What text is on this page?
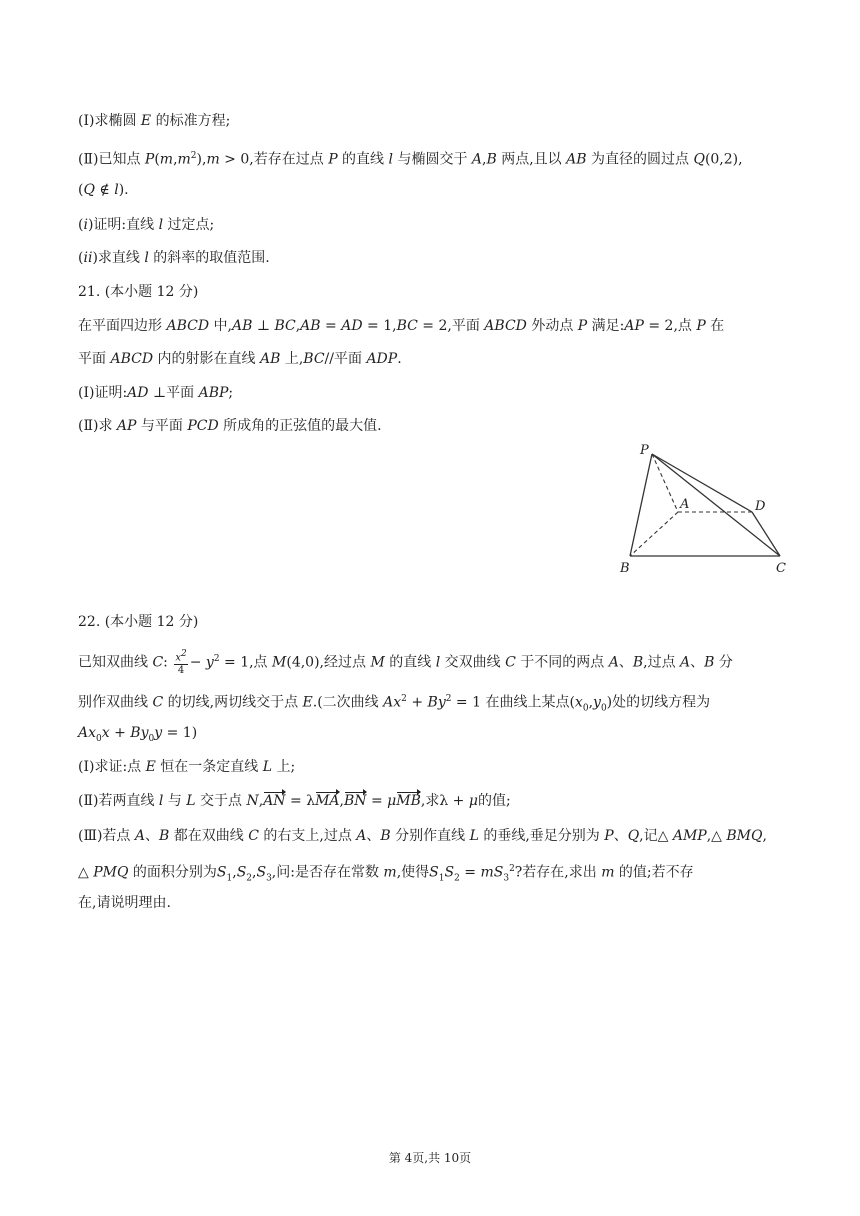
(Ⅰ)求椭圆 E 的标准方程;
(Ⅱ)已知点 $P(m,m^2),m > 0$,若存在过点 P 的直线 l 与椭圆交于 A,B 两点,且以 AB 为直径的圆过点 Q(0,2),
(Q ∉ l).
(i)证明:直线 l 过定点;
(ii)求直线 l 的斜率的取值范围.
21. (本小题 12 分)
在平面四边形 ABCD 中,AB ⊥ BC,AB = AD = 1,BC = 2,平面 ABCD 外动点 P 满足:AP = 2,点 P 在
平面 ABCD 内的射影在直线 AB 上,BC//平面 ADP.
(Ⅰ)证明:AD ⊥平面 ABP;
(Ⅱ)求 AP 与平面 PCD 所成角的正弦值的最大值.
P
A	D
B	C
22. (本小题 12 分)
已知双曲线 C: $\frac{x^2}{4} - y^2 = 1$,点 M(4,0),经过点 M 的直线 l 交双曲线 C 于不同的两点 A、B,过点 A、B 分
别作双曲线 C 的切线,两切线交于点 E.(二次曲线 $Ax^2 + By^2 = 1$ 在曲线上某点$(x_0,y_0)$处的切线方程为
$Ax_0x + By_0y = 1$)
(Ⅰ)求证:点 E 恒在一条定直线 L 上;
(Ⅱ)若两直线 l 与 L 交于点 N,AN = λMA,BN = μMB,求λ + μ的值;
(Ⅲ)若点 A、B 都在双曲线 C 的右支上,过点 A、B 分别作直线 L 的垂线,垂足分别为 P、Q,记△ AMP,△ BMQ,
△ PMQ 的面积分别为$S_1,S_2,S_3$,问:是否存在常数 m,使得$S_1S_2 = mS_3^2$?若存在,求出 m 的值;若不存
在,请说明理由.
第 4页,共 10页
